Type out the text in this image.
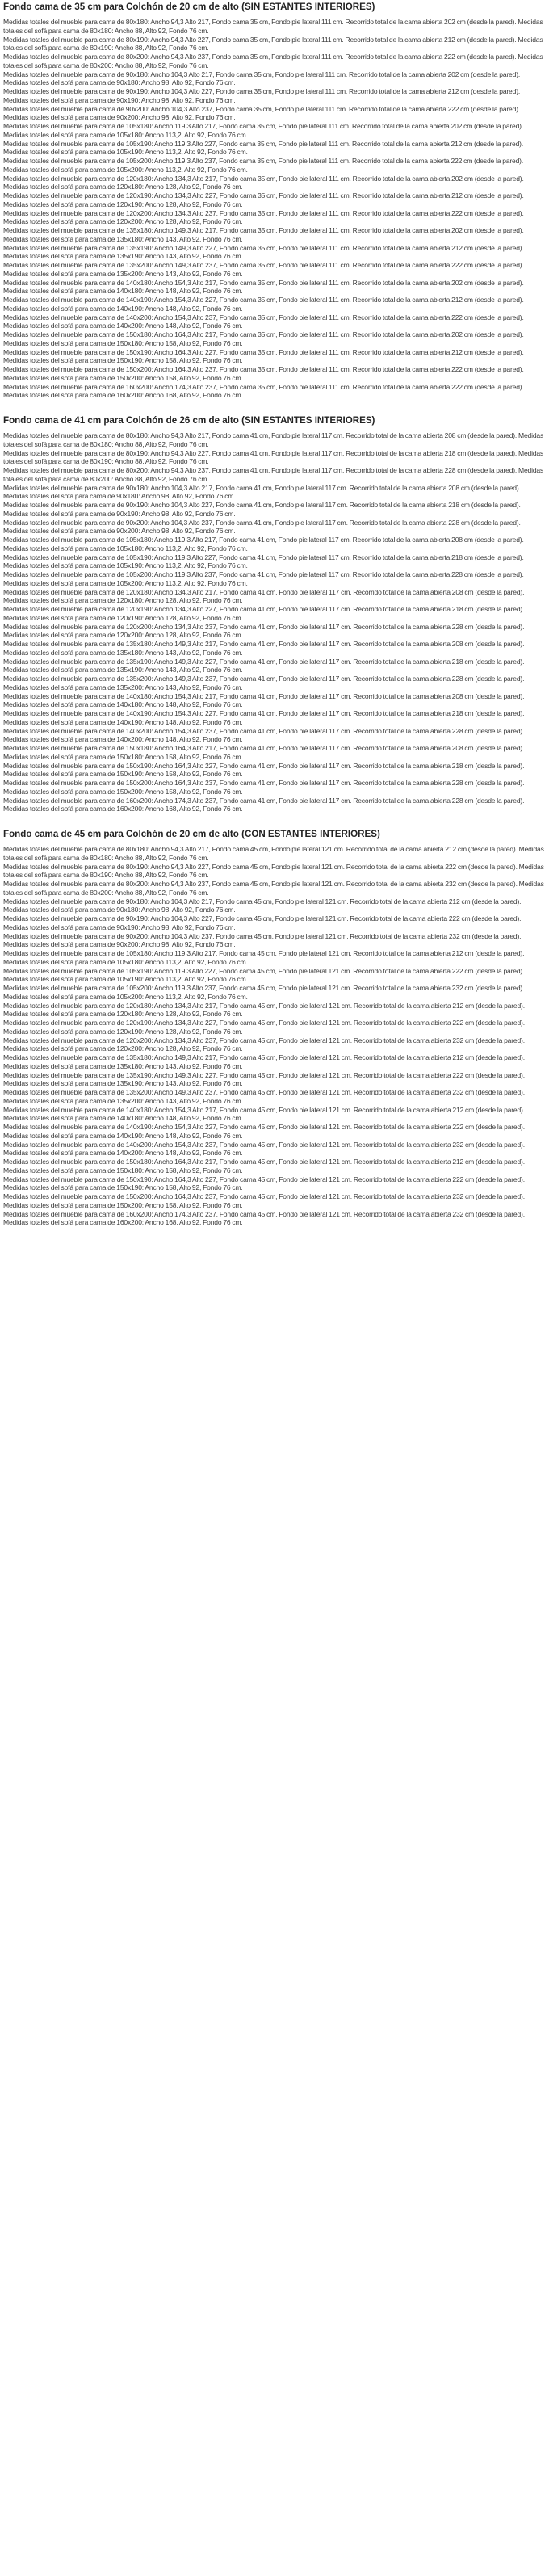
Fondo cama de 35 cm para Colchón de 20 cm de alto (SIN ESTANTES INTERIORES)

Medidas totales del mueble para cama de 80x180: Ancho 94,3 Alto 217, Fondo cama 35 cm, Fondo pie lateral 111 cm. Recorrido total de la cama abierta 202 cm (desde la pared). Medidas totales del sofá para cama de 80x180: Ancho 88, Alto 92, Fondo 76 cm.

Medidas totales del mueble para cama de 80x190: Ancho 94,3 Alto 227, Fondo cama 35 cm, Fondo pie lateral 111 cm. Recorrido total de la cama abierta 212 cm (desde la pared). Medidas totales del sofá para cama de 80x190: Ancho 88, Alto 92, Fondo 76 cm.

Medidas totales del mueble para cama de 80x200: Ancho 94,3 Alto 237, Fondo cama 35 cm, Fondo pie lateral 111 cm. Recorrido total de la cama abierta 222 cm (desde la pared). Medidas totales del sofá para cama de 80x200: Ancho 88, Alto 92, Fondo 76 cm.

Medidas totales del mueble para cama de 90x180: Ancho 104,3 Alto 217, Fondo cama 35 cm, Fondo pie lateral 111 cm. Recorrido total de la cama abierta 202 cm (desde la pared). Medidas totales del sofá para cama de 90x180: Ancho 98, Alto 92, Fondo 76 cm.

Medidas totales del mueble para cama de 90x190: Ancho 104,3 Alto 227, Fondo cama 35 cm, Fondo pie lateral 111 cm. Recorrido total de la cama abierta 212 cm (desde la pared). Medidas totales del sofá para cama de 90x190: Ancho 98, Alto 92, Fondo 76 cm.

Medidas totales del mueble para cama de 90x200: Ancho 104,3 Alto 237, Fondo cama 35 cm, Fondo pie lateral 111 cm. Recorrido total de la cama abierta 222 cm (desde la pared). Medidas totales del sofá para cama de 90x200: Ancho 98, Alto 92, Fondo 76 cm.

Medidas totales del mueble para cama de 105x180: Ancho 119,3 Alto 217, Fondo cama 35 cm, Fondo pie lateral 111 cm. Recorrido total de la cama abierta 202 cm (desde la pared). Medidas totales del sofá para cama de 105x180: Ancho 113,2, Alto 92, Fondo 76 cm.

Medidas totales del mueble para cama de 105x190: Ancho 119,3 Alto 227, Fondo cama 35 cm, Fondo pie lateral 111 cm. Recorrido total de la cama abierta 212 cm (desde la pared). Medidas totales del sofá para cama de 105x190: Ancho 113,2, Alto 92, Fondo 76 cm.

Medidas totales del mueble para cama de 105x200: Ancho 119,3 Alto 237, Fondo cama 35 cm, Fondo pie lateral 111 cm. Recorrido total de la cama abierta 222 cm (desde la pared). Medidas totales del sofá para cama de 105x200: Ancho 113,2, Alto 92, Fondo 76 cm.

Medidas totales del mueble para cama de 120x180: Ancho 134,3 Alto 217, Fondo cama 35 cm, Fondo pie lateral 111 cm. Recorrido total de la cama abierta 202 cm (desde la pared). Medidas totales del sofá para cama de 120x180: Ancho 128, Alto 92, Fondo 76 cm.

Medidas totales del mueble para cama de 120x190: Ancho 134,3 Alto 227, Fondo cama 35 cm, Fondo pie lateral 111 cm. Recorrido total de la cama abierta 212 cm (desde la pared). Medidas totales del sofá para cama de 120x190: Ancho 128, Alto 92, Fondo 76 cm.

Medidas totales del mueble para cama de 120x200: Ancho 134,3 Alto 237, Fondo cama 35 cm, Fondo pie lateral 111 cm. Recorrido total de la cama abierta 222 cm (desde la pared). Medidas totales del sofá para cama de 120x200: Ancho 128, Alto 92, Fondo 76 cm.

Medidas totales del mueble para cama de 135x180: Ancho 149,3 Alto 217, Fondo cama 35 cm, Fondo pie lateral 111 cm. Recorrido total de la cama abierta 202 cm (desde la pared). Medidas totales del sofá para cama de 135x180: Ancho 143, Alto 92, Fondo 76 cm.

Medidas totales del mueble para cama de 135x190: Ancho 149,3 Alto 227, Fondo cama 35 cm, Fondo pie lateral 111 cm. Recorrido total de la cama abierta 212 cm (desde la pared). Medidas totales del sofá para cama de 135x190: Ancho 143, Alto 92, Fondo 76 cm.

Medidas totales del mueble para cama de 135x200: Ancho 149,3 Alto 237, Fondo cama 35 cm, Fondo pie lateral 111 cm. Recorrido total de la cama abierta 222 cm (desde la pared). Medidas totales del sofá para cama de 135x200: Ancho 143, Alto 92, Fondo 76 cm.

Medidas totales del mueble para cama de 140x180: Ancho 154,3 Alto 217, Fondo cama 35 cm, Fondo pie lateral 111 cm. Recorrido total de la cama abierta 202 cm (desde la pared). Medidas totales del sofá para cama de 140x180: Ancho 148, Alto 92, Fondo 76 cm.

Medidas totales del mueble para cama de 140x190: Ancho 154,3 Alto 227, Fondo cama 35 cm, Fondo pie lateral 111 cm. Recorrido total de la cama abierta 212 cm (desde la pared). Medidas totales del sofá para cama de 140x190: Ancho 148, Alto 92, Fondo 76 cm.

Medidas totales del mueble para cama de 140x200: Ancho 154,3 Alto 237, Fondo cama 35 cm, Fondo pie lateral 111 cm. Recorrido total de la cama abierta 222 cm (desde la pared). Medidas totales del sofá para cama de 140x200: Ancho 148, Alto 92, Fondo 76 cm.

Medidas totales del mueble para cama de 150x180: Ancho 164,3 Alto 217, Fondo cama 35 cm, Fondo pie lateral 111 cm. Recorrido total de la cama abierta 202 cm (desde la pared). Medidas totales del sofá para cama de 150x180: Ancho 158, Alto 92, Fondo 76 cm.

Medidas totales del mueble para cama de 150x190: Ancho 164,3 Alto 227, Fondo cama 35 cm, Fondo pie lateral 111 cm. Recorrido total de la cama abierta 212 cm (desde la pared). Medidas totales del sofá para cama de 150x190: Ancho 158, Alto 92, Fondo 76 cm.

Medidas totales del mueble para cama de 150x200: Ancho 164,3 Alto 237, Fondo cama 35 cm, Fondo pie lateral 111 cm. Recorrido total de la cama abierta 222 cm (desde la pared). Medidas totales del sofá para cama de 150x200: Ancho 158, Alto 92, Fondo 76 cm.

Medidas totales del mueble para cama de 160x200: Ancho 174,3 Alto 237, Fondo cama 35 cm, Fondo pie lateral 111 cm. Recorrido total de la cama abierta 222 cm (desde la pared). Medidas totales del sofá para cama de 160x200: Ancho 168, Alto 92, Fondo 76 cm.

Fondo cama de 41 cm para Colchón de 26 cm de alto (SIN ESTANTES INTERIORES)

Medidas totales del mueble para cama de 80x180: Ancho 94,3 Alto 217, Fondo cama 41 cm, Fondo pie lateral 117 cm. Recorrido total de la cama abierta 208 cm (desde la pared). Medidas totales del sofá para cama de 80x180: Ancho 88, Alto 92, Fondo 76 cm.

Medidas totales del mueble para cama de 80x190: Ancho 94,3 Alto 227, Fondo cama 41 cm, Fondo pie lateral 117 cm. Recorrido total de la cama abierta 218 cm (desde la pared). Medidas totales del sofá para cama de 80x190: Ancho 88, Alto 92, Fondo 76 cm.

Medidas totales del mueble para cama de 80x200: Ancho 94,3 Alto 237, Fondo cama 41 cm, Fondo pie lateral 117 cm. Recorrido total de la cama abierta 228 cm (desde la pared). Medidas totales del sofá para cama de 80x200: Ancho 88, Alto 92, Fondo 76 cm.

Medidas totales del mueble para cama de 90x180: Ancho 104,3 Alto 217, Fondo cama 41 cm, Fondo pie lateral 117 cm. Recorrido total de la cama abierta 208 cm (desde la pared). Medidas totales del sofá para cama de 90x180: Ancho 98, Alto 92, Fondo 76 cm.

Medidas totales del mueble para cama de 90x190: Ancho 104,3 Alto 227, Fondo cama 41 cm, Fondo pie lateral 117 cm. Recorrido total de la cama abierta 218 cm (desde la pared). Medidas totales del sofá para cama de 90x190: Ancho 98, Alto 92, Fondo 76 cm.

Medidas totales del mueble para cama de 90x200: Ancho 104,3 Alto 237, Fondo cama 41 cm, Fondo pie lateral 117 cm. Recorrido total de la cama abierta 228 cm (desde la pared). Medidas totales del sofá para cama de 90x200: Ancho 98, Alto 92, Fondo 76 cm.

Medidas totales del mueble para cama de 105x180: Ancho 119,3 Alto 217, Fondo cama 41 cm, Fondo pie lateral 117 cm. Recorrido total de la cama abierta 208 cm (desde la pared). Medidas totales del sofá para cama de 105x180: Ancho 113,2, Alto 92, Fondo 76 cm.

Medidas totales del mueble para cama de 105x190: Ancho 119,3 Alto 227, Fondo cama 41 cm, Fondo pie lateral 117 cm. Recorrido total de la cama abierta 218 cm (desde la pared). Medidas totales del sofá para cama de 105x190: Ancho 113,2, Alto 92, Fondo 76 cm.

Medidas totales del mueble para cama de 105x200: Ancho 119,3 Alto 237, Fondo cama 41 cm, Fondo pie lateral 117 cm. Recorrido total de la cama abierta 228 cm (desde la pared). Medidas totales del sofá para cama de 105x200: Ancho 113,2, Alto 92, Fondo 76 cm.

Medidas totales del mueble para cama de 120x180: Ancho 134,3 Alto 217, Fondo cama 41 cm, Fondo pie lateral 117 cm. Recorrido total de la cama abierta 208 cm (desde la pared). Medidas totales del sofá para cama de 120x180: Ancho 128, Alto 92, Fondo 76 cm.

Medidas totales del mueble para cama de 120x190: Ancho 134,3 Alto 227, Fondo cama 41 cm, Fondo pie lateral 117 cm. Recorrido total de la cama abierta 218 cm (desde la pared). Medidas totales del sofá para cama de 120x190: Ancho 128, Alto 92, Fondo 76 cm.

Medidas totales del mueble para cama de 120x200: Ancho 134,3 Alto 237, Fondo cama 41 cm, Fondo pie lateral 117 cm. Recorrido total de la cama abierta 228 cm (desde la pared). Medidas totales del sofá para cama de 120x200: Ancho 128, Alto 92, Fondo 76 cm.

Medidas totales del mueble para cama de 135x180: Ancho 149,3 Alto 217, Fondo cama 41 cm, Fondo pie lateral 117 cm. Recorrido total de la cama abierta 208 cm (desde la pared). Medidas totales del sofá para cama de 135x180: Ancho 143, Alto 92, Fondo 76 cm.

Medidas totales del mueble para cama de 135x190: Ancho 149,3 Alto 227, Fondo cama 41 cm, Fondo pie lateral 117 cm. Recorrido total de la cama abierta 218 cm (desde la pared). Medidas totales del sofá para cama de 135x190: Ancho 143, Alto 92, Fondo 76 cm.

Medidas totales del mueble para cama de 135x200: Ancho 149,3 Alto 237, Fondo cama 41 cm, Fondo pie lateral 117 cm. Recorrido total de la cama abierta 228 cm (desde la pared). Medidas totales del sofá para cama de 135x200: Ancho 143, Alto 92, Fondo 76 cm.

Medidas totales del mueble para cama de 140x180: Ancho 154,3 Alto 217, Fondo cama 41 cm, Fondo pie lateral 117 cm. Recorrido total de la cama abierta 208 cm (desde la pared). Medidas totales del sofá para cama de 140x180: Ancho 148, Alto 92, Fondo 76 cm.

Medidas totales del mueble para cama de 140x190: Ancho 154,3 Alto 227, Fondo cama 41 cm, Fondo pie lateral 117 cm. Recorrido total de la cama abierta 218 cm (desde la pared). Medidas totales del sofá para cama de 140x190: Ancho 148, Alto 92, Fondo 76 cm.

Medidas totales del mueble para cama de 140x200: Ancho 154,3 Alto 237, Fondo cama 41 cm, Fondo pie lateral 117 cm. Recorrido total de la cama abierta 228 cm (desde la pared). Medidas totales del sofá para cama de 140x200: Ancho 148, Alto 92, Fondo 76 cm.

Medidas totales del mueble para cama de 150x180: Ancho 164,3 Alto 217, Fondo cama 41 cm, Fondo pie lateral 117 cm. Recorrido total de la cama abierta 208 cm (desde la pared). Medidas totales del sofá para cama de 150x180: Ancho 158, Alto 92, Fondo 76 cm.

Medidas totales del mueble para cama de 150x190: Ancho 164,3 Alto 227, Fondo cama 41 cm, Fondo pie lateral 117 cm. Recorrido total de la cama abierta 218 cm (desde la pared). Medidas totales del sofá para cama de 150x190: Ancho 158, Alto 92, Fondo 76 cm.

Medidas totales del mueble para cama de 150x200: Ancho 164,3 Alto 237, Fondo cama 41 cm, Fondo pie lateral 117 cm. Recorrido total de la cama abierta 228 cm (desde la pared). Medidas totales del sofá para cama de 150x200: Ancho 158, Alto 92, Fondo 76 cm.

Medidas totales del mueble para cama de 160x200: Ancho 174,3 Alto 237, Fondo cama 41 cm, Fondo pie lateral 117 cm. Recorrido total de la cama abierta 228 cm (desde la pared). Medidas totales del sofá para cama de 160x200: Ancho 168, Alto 92, Fondo 76 cm.

Fondo cama de 45 cm para Colchón de 20 cm de alto (CON ESTANTES INTERIORES)

Medidas totales del mueble para cama de 80x180: Ancho 94,3 Alto 217, Fondo cama 45 cm, Fondo pie lateral 121 cm. Recorrido total de la cama abierta 212 cm (desde la pared). Medidas totales del sofá para cama de 80x180: Ancho 88, Alto 92, Fondo 76 cm.

Medidas totales del mueble para cama de 80x190: Ancho 94,3 Alto 227, Fondo cama 45 cm, Fondo pie lateral 121 cm. Recorrido total de la cama abierta 222 cm (desde la pared). Medidas totales del sofá para cama de 80x190: Ancho 88, Alto 92, Fondo 76 cm.

Medidas totales del mueble para cama de 80x200: Ancho 94,3 Alto 237, Fondo cama 45 cm, Fondo pie lateral 121 cm. Recorrido total de la cama abierta 232 cm (desde la pared). Medidas totales del sofá para cama de 80x200: Ancho 88, Alto 92, Fondo 76 cm.

Medidas totales del mueble para cama de 90x180: Ancho 104,3 Alto 217, Fondo cama 45 cm, Fondo pie lateral 121 cm. Recorrido total de la cama abierta 212 cm (desde la pared). Medidas totales del sofá para cama de 90x180: Ancho 98, Alto 92, Fondo 76 cm.

Medidas totales del mueble para cama de 90x190: Ancho 104,3 Alto 227, Fondo cama 45 cm, Fondo pie lateral 121 cm. Recorrido total de la cama abierta 222 cm (desde la pared). Medidas totales del sofá para cama de 90x190: Ancho 98, Alto 92, Fondo 76 cm.

Medidas totales del mueble para cama de 90x200: Ancho 104,3 Alto 237, Fondo cama 45 cm, Fondo pie lateral 121 cm. Recorrido total de la cama abierta 232 cm (desde la pared). Medidas totales del sofá para cama de 90x200: Ancho 98, Alto 92, Fondo 76 cm.

Medidas totales del mueble para cama de 105x180: Ancho 119,3 Alto 217, Fondo cama 45 cm, Fondo pie lateral 121 cm. Recorrido total de la cama abierta 212 cm (desde la pared). Medidas totales del sofá para cama de 105x180: Ancho 113,2, Alto 92, Fondo 76 cm.

Medidas totales del mueble para cama de 105x190: Ancho 119,3 Alto 227, Fondo cama 45 cm, Fondo pie lateral 121 cm. Recorrido total de la cama abierta 222 cm (desde la pared). Medidas totales del sofá para cama de 105x190: Ancho 113,2, Alto 92, Fondo 76 cm.

Medidas totales del mueble para cama de 105x200: Ancho 119,3 Alto 237, Fondo cama 45 cm, Fondo pie lateral 121 cm. Recorrido total de la cama abierta 232 cm (desde la pared). Medidas totales del sofá para cama de 105x200: Ancho 113,2, Alto 92, Fondo 76 cm.

Medidas totales del mueble para cama de 120x180: Ancho 134,3 Alto 217, Fondo cama 45 cm, Fondo pie lateral 121 cm. Recorrido total de la cama abierta 212 cm (desde la pared). Medidas totales del sofá para cama de 120x180: Ancho 128, Alto 92, Fondo 76 cm.

Medidas totales del mueble para cama de 120x190: Ancho 134,3 Alto 227, Fondo cama 45 cm, Fondo pie lateral 121 cm. Recorrido total de la cama abierta 222 cm (desde la pared). Medidas totales del sofá para cama de 120x190: Ancho 128, Alto 92, Fondo 76 cm.

Medidas totales del mueble para cama de 120x200: Ancho 134,3 Alto 237, Fondo cama 45 cm, Fondo pie lateral 121 cm. Recorrido total de la cama abierta 232 cm (desde la pared). Medidas totales del sofá para cama de 120x200: Ancho 128, Alto 92, Fondo 76 cm.

Medidas totales del mueble para cama de 135x180: Ancho 149,3 Alto 217, Fondo cama 45 cm, Fondo pie lateral 121 cm. Recorrido total de la cama abierta 212 cm (desde la pared). Medidas totales del sofá para cama de 135x180: Ancho 143, Alto 92, Fondo 76 cm.

Medidas totales del mueble para cama de 135x190: Ancho 149,3 Alto 227, Fondo cama 45 cm, Fondo pie lateral 121 cm. Recorrido total de la cama abierta 222 cm (desde la pared). Medidas totales del sofá para cama de 135x190: Ancho 143, Alto 92, Fondo 76 cm.

Medidas totales del mueble para cama de 135x200: Ancho 149,3 Alto 237, Fondo cama 45 cm, Fondo pie lateral 121 cm. Recorrido total de la cama abierta 232 cm (desde la pared). Medidas totales del sofá para cama de 135x200: Ancho 143, Alto 92, Fondo 76 cm.

Medidas totales del mueble para cama de 140x180: Ancho 154,3 Alto 217, Fondo cama 45 cm, Fondo pie lateral 121 cm. Recorrido total de la cama abierta 212 cm (desde la pared). Medidas totales del sofá para cama de 140x180: Ancho 148, Alto 92, Fondo 76 cm.

Medidas totales del mueble para cama de 140x190: Ancho 154,3 Alto 227, Fondo cama 45 cm, Fondo pie lateral 121 cm. Recorrido total de la cama abierta 222 cm (desde la pared). Medidas totales del sofá para cama de 140x190: Ancho 148, Alto 92, Fondo 76 cm.

Medidas totales del mueble para cama de 140x200: Ancho 154,3 Alto 237, Fondo cama 45 cm, Fondo pie lateral 121 cm. Recorrido total de la cama abierta 232 cm (desde la pared). Medidas totales del sofá para cama de 140x200: Ancho 148, Alto 92, Fondo 76 cm.

Medidas totales del mueble para cama de 150x180: Ancho 164,3 Alto 217, Fondo cama 45 cm, Fondo pie lateral 121 cm. Recorrido total de la cama abierta 212 cm (desde la pared). Medidas totales del sofá para cama de 150x180: Ancho 158, Alto 92, Fondo 76 cm.

Medidas totales del mueble para cama de 150x190: Ancho 164,3 Alto 227, Fondo cama 45 cm, Fondo pie lateral 121 cm. Recorrido total de la cama abierta 222 cm (desde la pared). Medidas totales del sofá para cama de 150x190: Ancho 158, Alto 92, Fondo 76 cm.

Medidas totales del mueble para cama de 150x200: Ancho 164,3 Alto 237, Fondo cama 45 cm, Fondo pie lateral 121 cm. Recorrido total de la cama abierta 232 cm (desde la pared). Medidas totales del sofá para cama de 150x200: Ancho 158, Alto 92, Fondo 76 cm.

Medidas totales del mueble para cama de 160x200: Ancho 174,3 Alto 237, Fondo cama 45 cm, Fondo pie lateral 121 cm. Recorrido total de la cama abierta 232 cm (desde la pared). Medidas totales del sofá para cama de 160x200: Ancho 168, Alto 92, Fondo 76 cm.
